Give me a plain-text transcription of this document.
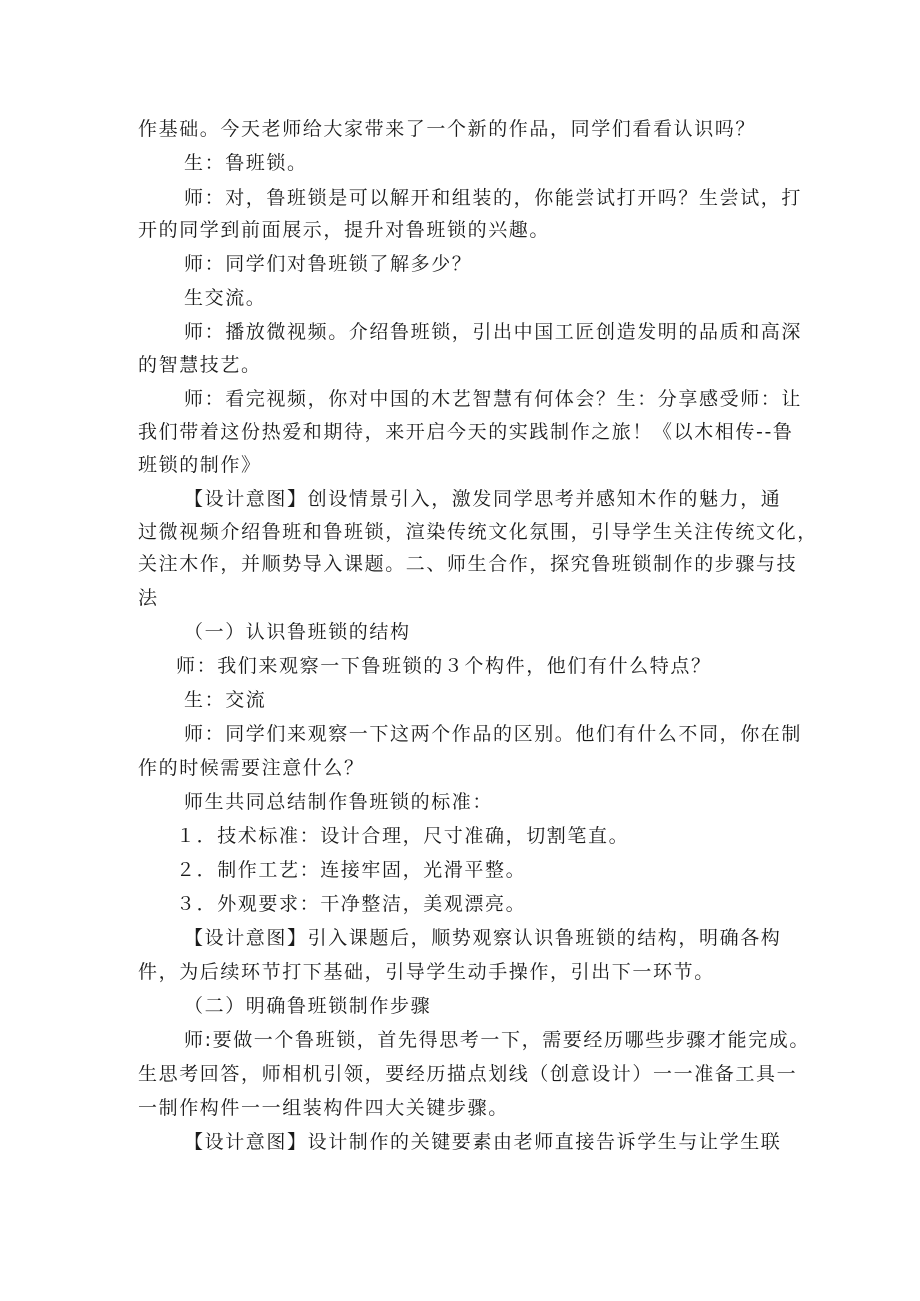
作基础。今天老师给大家带来了一个新的作品，同学们看看认识吗？
生：鲁班锁。
师：对，鲁班锁是可以解开和组装的，你能尝试打开吗？生尝试，打
开的同学到前面展示，提升对鲁班锁的兴趣。
师：同学们对鲁班锁了解多少？
生交流。
师：播放微视频。介绍鲁班锁，引出中国工匠创造发明的品质和高深
的智慧技艺。
师：看完视频，你对中国的木艺智慧有何体会？生：分享感受师：让
我们带着这份热爱和期待，来开启今天的实践制作之旅！《以木相传--鲁
班锁的制作》
【设计意图】创设情景引入，激发同学思考并感知木作的魅力，通
过微视频介绍鲁班和鲁班锁，渲染传统文化氛围，引导学生关注传统文化，
关注木作，并顺势导入课题。二、师生合作，探究鲁班锁制作的步骤与技
法
（一）认识鲁班锁的结构
师：我们来观察一下鲁班锁的３个构件，他们有什么特点？
生：交流
师：同学们来观察一下这两个作品的区别。他们有什么不同，你在制
作的时候需要注意什么？
师生共同总结制作鲁班锁的标准：
１．技术标准：设计合理，尺寸准确，切割笔直。
２．制作工艺：连接牢固，光滑平整。
３．外观要求：干净整洁，美观漂亮。
【设计意图】引入课题后，顺势观察认识鲁班锁的结构，明确各构
件，为后续环节打下基础，引导学生动手操作，引出下一环节。
（二）明确鲁班锁制作步骤
师:要做一个鲁班锁，首先得思考一下，需要经历哪些步骤才能完成。
生思考回答，师相机引领，要经历描点划线（创意设计）一一准备工具一
一制作构件一一组装构件四大关键步骤。
【设计意图】设计制作的关键要素由老师直接告诉学生与让学生联
